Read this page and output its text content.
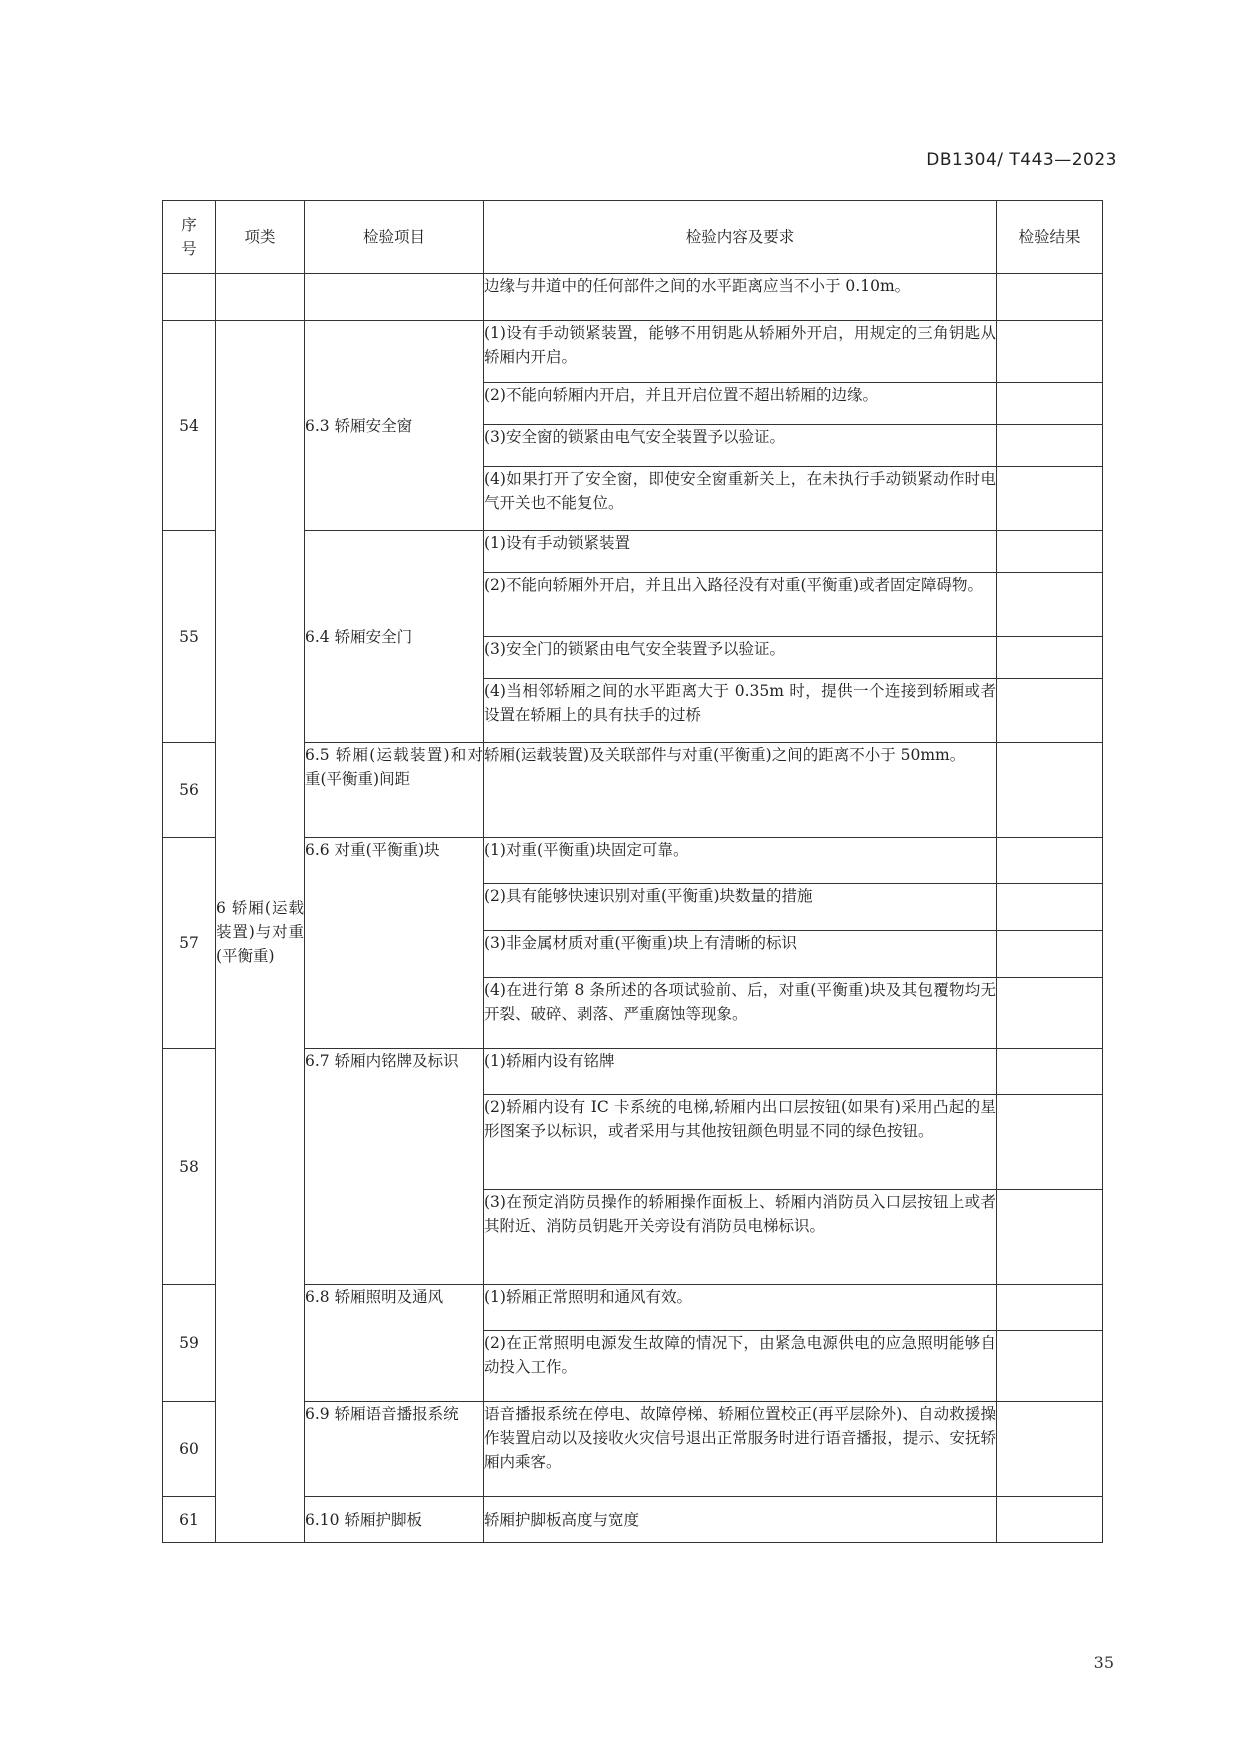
DB1304/ T443—2023
序号	项类	检验项目	检验内容及要求	检验结果
			边缘与井道中的任何部件之间的水平距离应当不小于 0.10m。	
54	6 轿厢(运载装置)与对重(平衡重)	6.3 轿厢安全窗	(1)设有手动锁紧装置，能够不用钥匙从轿厢外开启，用规定的三角钥匙从轿厢内开启。	
			(2)不能向轿厢内开启，并且开启位置不超出轿厢的边缘。	
			(3)安全窗的锁紧由电气安全装置予以验证。	
			(4)如果打开了安全窗，即使安全窗重新关上，在未执行手动锁紧动作时电气开关也不能复位。	
55		6.4 轿厢安全门	(1)设有手动锁紧装置	
			(2)不能向轿厢外开启，并且出入路径没有对重(平衡重)或者固定障碍物。	
			(3)安全门的锁紧由电气安全装置予以验证。	
			(4)当相邻轿厢之间的水平距离大于 0.35m 时，提供一个连接到轿厢或者设置在轿厢上的具有扶手的过桥	
56		6.5 轿厢(运载装置)和对重(平衡重)间距	轿厢(运载装置)及关联部件与对重(平衡重)之间的距离不小于 50mm。	
57		6.6 对重(平衡重)块	(1)对重(平衡重)块固定可靠。	
			(2)具有能够快速识别对重(平衡重)块数量的措施	
			(3)非金属材质对重(平衡重)块上有清晰的标识	
			(4)在进行第 8 条所述的各项试验前、后，对重(平衡重)块及其包覆物均无开裂、破碎、剥落、严重腐蚀等现象。	
58		6.7 轿厢内铭牌及标识	(1)轿厢内设有铭牌	
			(2)轿厢内设有 IC 卡系统的电梯,轿厢内出口层按钮(如果有)采用凸起的星形图案予以标识，或者采用与其他按钮颜色明显不同的绿色按钮。	
			(3)在预定消防员操作的轿厢操作面板上、轿厢内消防员入口层按钮上或者其附近、消防员钥匙开关旁设有消防员电梯标识。	
59		6.8 轿厢照明及通风	(1)轿厢正常照明和通风有效。	
			(2)在正常照明电源发生故障的情况下，由紧急电源供电的应急照明能够自动投入工作。	
60		6.9 轿厢语音播报系统	语音播报系统在停电、故障停梯、轿厢位置校正(再平层除外)、自动救援操作装置启动以及接收火灾信号退出正常服务时进行语音播报，提示、安抚轿厢内乘客。	
61		6.10 轿厢护脚板	轿厢护脚板高度与宽度	
35
